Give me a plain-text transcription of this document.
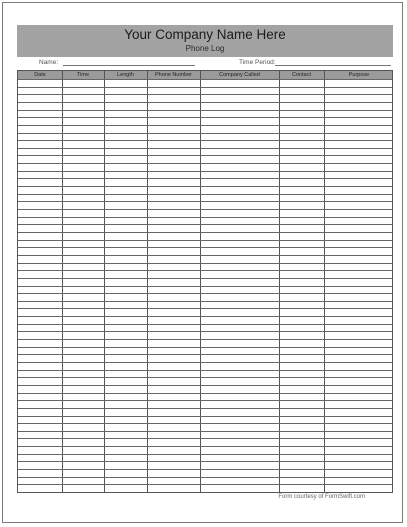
Your Company Name Here
Phone Log
Name:	Time Period:
Date	Time	Length	Phone Number	Company Called	Contact	Purpose
Form courtesy of FormSwift.com
